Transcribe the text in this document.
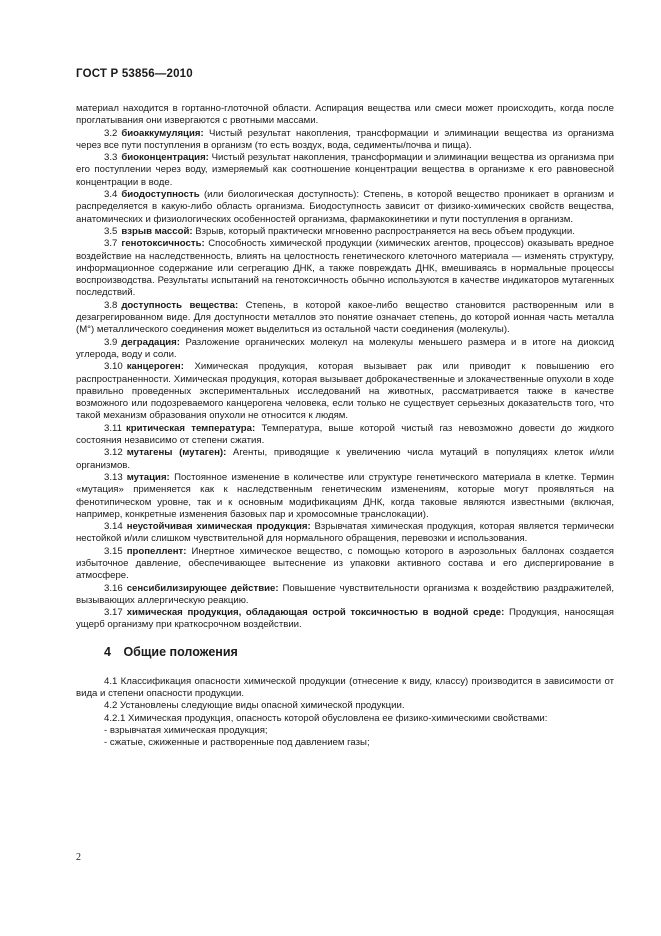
ГОСТ Р 53856—2010

материал находится в гортанно-глоточной области. Аспирация вещества или смеси может происходить, когда после проглатывания они извергаются с рвотными массами.

3.2 биоаккумуляция: Чистый результат накопления, трансформации и элиминации вещества из организма через все пути поступления в организм (то есть воздух, вода, седименты/почва и пища).

3.3 биоконцентрация: Чистый результат накопления, трансформации и элиминации вещества из организма при его поступлении через воду, измеряемый как соотношение концентрации вещества в организме к его равновесной концентрации в воде.

3.4 биодоступность (или биологическая доступность): Степень, в которой вещество проникает в организм и распределяется в какую-либо область организма. Биодоступность зависит от физико-химических свойств вещества, анатомических и физиологических особенностей организма, фармакокинетики и пути поступления в организм.

3.5 взрыв массой: Взрыв, который практически мгновенно распространяется на весь объем продукции.

3.7 генотоксичность: Способность химической продукции (химических агентов, процессов) оказывать вредное воздействие на наследственность, влиять на целостность генетического клеточного материала — изменять структуру, информационное содержание или сегрегацию ДНК, а также повреждать ДНК, вмешиваясь в нормальные процессы воспроизводства. Результаты испытаний на генотоксичность обычно используются в качестве индикаторов мутагенных последствий.

3.8 доступность вещества: Степень, в которой какое-либо вещество становится растворенным или в дезагрегированном виде. Для доступности металлов это понятие означает степень, до которой ионная часть металла (M°) металлического соединения может выделиться из остальной части соединения (молекулы).

3.9 деградация: Разложение органических молекул на молекулы меньшего размера и в итоге на диоксид углерода, воду и соли.

3.10 канцероген: Химическая продукция, которая вызывает рак или приводит к повышению его распространенности. Химическая продукция, которая вызывает доброкачественные и злокачественные опухоли в ходе правильно проведенных экспериментальных исследований на животных, рассматривается также в качестве возможного или подозреваемого канцерогена человека, если только не существует серьезных доказательств того, что такой механизм образования опухоли не относится к людям.

3.11 критическая температура: Температура, выше которой чистый газ невозможно довести до жидкого состояния независимо от степени сжатия.

3.12 мутагены (мутаген): Агенты, приводящие к увеличению числа мутаций в популяциях клеток и/или организмов.

3.13 мутация: Постоянное изменение в количестве или структуре генетического материала в клетке. Термин «мутация» применяется как к наследственным генетическим изменениям, которые могут проявляться на фенотипическом уровне, так и к основным модификациям ДНК, когда таковые являются известными (включая, например, конкретные изменения базовых пар и хромосомные транслокации).

3.14 неустойчивая химическая продукция: Взрывчатая химическая продукция, которая является термически нестойкой и/или слишком чувствительной для нормального обращения, перевозки и использования.

3.15 пропеллент: Инертное химическое вещество, с помощью которого в аэрозольных баллонах создается избыточное давление, обеспечивающее вытеснение из упаковки активного состава и его диспергирование в атмосфере.

3.16 сенсибилизирующее действие: Повышение чувствительности организма к воздействию раздражителей, вызывающих аллергическую реакцию.

3.17 химическая продукция, обладающая острой токсичностью в водной среде: Продукция, наносящая ущерб организму при краткосрочном воздействии.

4 Общие положения

4.1 Классификация опасности химической продукции (отнесение к виду, классу) производится в зависимости от вида и степени опасности продукции.

4.2 Установлены следующие виды опасной химической продукции.

4.2.1 Химическая продукция, опасность которой обусловлена ее физико-химическими свойствами:

- взрывчатая химическая продукция;
- сжатые, сжиженные и растворенные под давлением газы;
2
